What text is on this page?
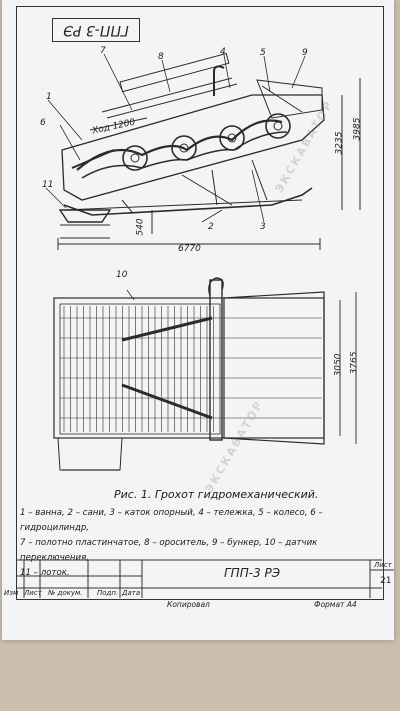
ГПП-3 РЭ
1
6
7
8	4	5	9
11
2	3
Ход 1200
6770
3235
3985
540
10
3050 3765
Рис. 1. Грохот гидромеханический.
1 – ванна, 2 – сани, 3 – каток опорный, 4 – тележка, 5 – колесо, 6 – гидроцилиндр,
7 – полотно пластинчатое, 8 – ороситель, 9 – бункер, 10 – датчик переключения,
11 – лоток.
Изм Лист № докум. Подп. Дата
ГПП-3 РЭ
Лист
21
Копировал	Формат А4
ЭКСКАВАТОР
ЭКСКАВАТОР
